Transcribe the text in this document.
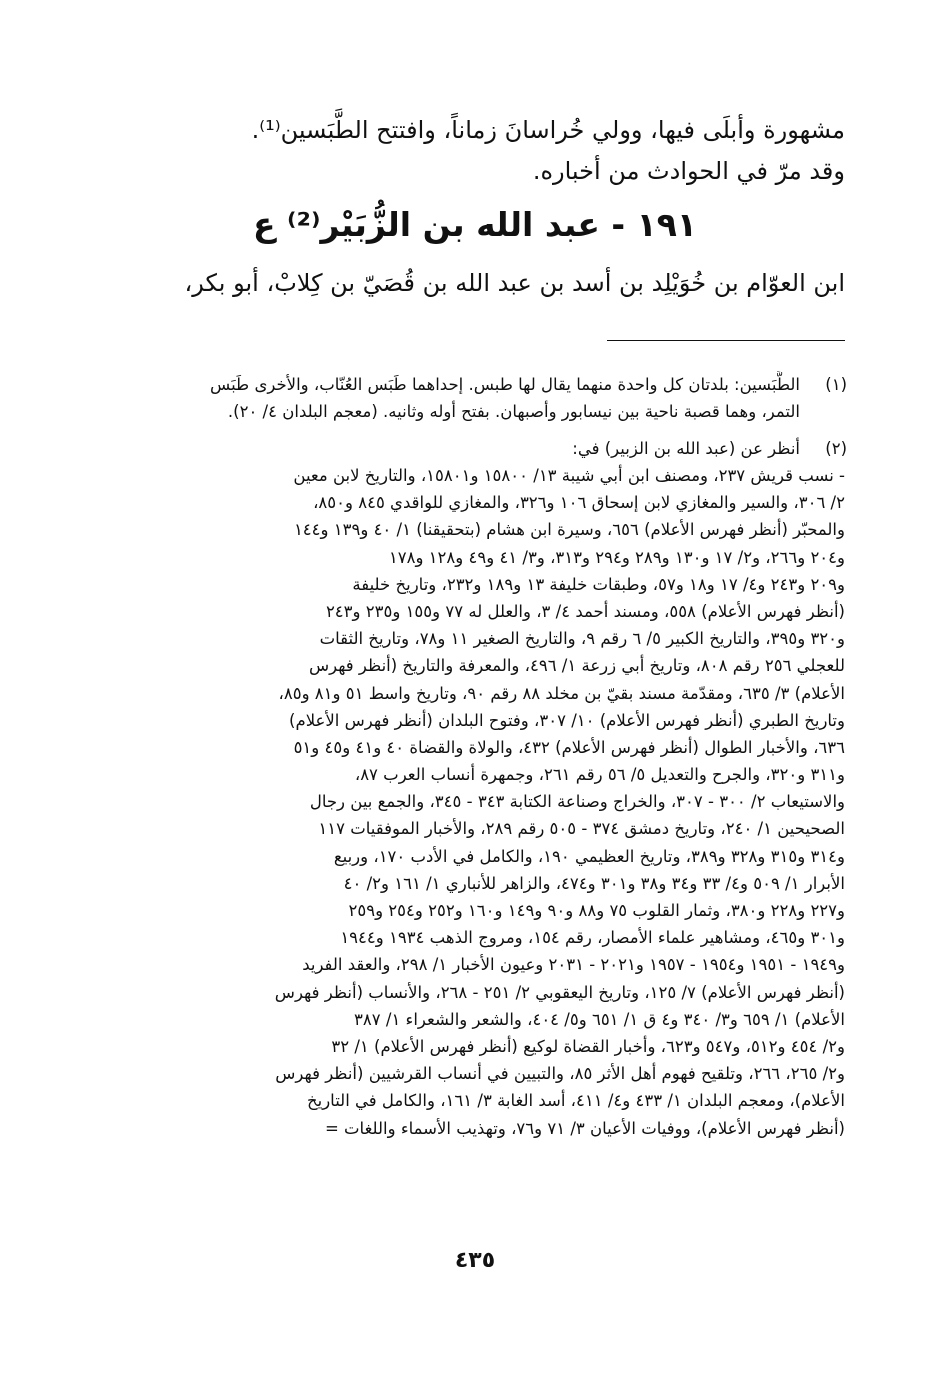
مشهورة وأبلَى فيها، وولي خُراسانَ زماناً، وافتتح الطَّبَسين⁽¹⁾.
وقد مرّ في الحوادث من أخباره.
١٩١ - عبد الله بن الزُّبَيْر⁽²⁾ ع
ابن العوّام بن خُوَيْلِد بن أسد بن عبد الله بن قُصَيّ بن كِلابْ، أبو بكر،
(١)
الطَّبَسين: بلدتان كل واحدة منهما يقال لها طبس. إحداهما طَبَس العُنّاب، والأخرى طَبَس
التمر، وهما قصبة ناحية بين نيسابور وأصبهان. بفتح أوله وثانيه. (معجم البلدان ٤/ ٢٠).
(٢)
أنظر عن (عبد الله بن الزبير) في:
- نسب قريش ٢٣٧، ومصنف ابن أبي شيبة ١٣/ ١٥٨٠٠ و١٥٨٠١، والتاريخ لابن معين
٢/ ٣٠٦، والسير والمغازي لابن إسحاق ١٠٦ و٣٢٦، والمغازي للواقدي ٨٤٥ و٨٥٠،
والمحبّر (أنظر فهرس الأعلام) ٦٥٦، وسيرة ابن هشام (بتحقيقنا) ١/ ٤٠ و١٣٩ و١٤٤
و٢٠٤ و٢٦٦، و٢/ ١٧ و١٣٠ و٢٨٩ و٢٩٤ و٣١٣، و٣/ ٤١ و٤٩ و١٢٨ و١٧٨
و٢٠٩ و٢٤٣ و٤/ ١٧ و١٨ و٥٧، وطبقات خليفة ١٣ و١٨٩ و٢٣٢، وتاريخ خليفة
(أنظر فهرس الأعلام) ٥٥٨، ومسند أحمد ٤/ ٣، والعلل له ٧٧ و١٥٥ و٢٣٥ و٢٤٣
و٣٢٠ و٣٩٥، والتاريخ الكبير ٥/ ٦ رقم ٩، والتاريخ الصغير ١١ و٧٨، وتاريخ الثقات
للعجلي ٢٥٦ رقم ٨٠٨، وتاريخ أبي زرعة ١/ ٤٩٦، والمعرفة والتاريخ (أنظر فهرس
الأعلام) ٣/ ٦٣٥، ومقدّمة مسند بقيّ بن مخلد ٨٨ رقم ٩٠، وتاريخ واسط ٥١ و٨١ و٨٥،
وتاريخ الطبري (أنظر فهرس الأعلام) ١٠/ ٣٠٧، وفتوح البلدان (أنظر فهرس الأعلام)
٦٣٦، والأخبار الطوال (أنظر فهرس الأعلام) ٤٣٢، والولاة والقضاة ٤٠ و٤١ و٤٥ و٥١
و٣١١ و٣٢٠، والجرح والتعديل ٥/ ٥٦ رقم ٢٦١، وجمهرة أنساب العرب ٨٧،
والاستيعاب ٢/ ٣٠٠ - ٣٠٧، والخراج وصناعة الكتابة ٣٤٣ - ٣٤٥، والجمع بين رجال
الصحيحين ١/ ٢٤٠، وتاريخ دمشق ٣٧٤ - ٥٠٥ رقم ٢٨٩، والأخبار الموفقيات ١١٧
و٣١٤ و٣١٥ و٣٢٨ و٣٨٩، وتاريخ العظيمي ١٩٠، والكامل في الأدب ١٧٠، وربيع
الأبرار ١/ ٥٠٩ و٤/ ٣٣ و٣٤ و٣٨ و٣٠١ و٤٧٤، والزاهر للأنباري ١/ ١٦١ و٢/ ٤٠
و٢٢٧ و٢٢٨ و٣٨٠، وثمار القلوب ٧٥ و٨٨ و٩٠ و١٤٩ و١٦٠ و٢٥٢ و٢٥٤ و٢٥٩
و٣٠١ و٤٦٥، ومشاهير علماء الأمصار، رقم ١٥٤، ومروج الذهب ١٩٣٤ و١٩٤٤
و١٩٤٩ - ١٩٥١ و١٩٥٤ - ١٩٥٧ و٢٠٢١ - ٢٠٣١ وعيون الأخبار ١/ ٢٩٨، والعقد الفريد
(أنظر فهرس الأعلام) ٧/ ١٢٥، وتاريخ اليعقوبي ٢/ ٢٥١ - ٢٦٨، والأنساب (أنظر فهرس
الأعلام) ١/ ٦٥٩ و٣/ ٣٤٠ و٤ ق ١/ ٦٥١ و٥/ ٤٠٤، والشعر والشعراء ١/ ٣٨٧
و٢/ ٤٥٤ و٥١٢، و٥٤٧ و٦٢٣، وأخبار القضاة لوكيع (أنظر فهرس الأعلام) ١/ ٣٢
و٢/ ٢٦٥، ٢٦٦، وتلقيح فهوم أهل الأثر ٨٥، والتبيين في أنساب القرشيين (أنظر فهرس
الأعلام)، ومعجم البلدان ١/ ٤٣٣ و٤/ ٤١١، أسد الغابة ٣/ ١٦١، والكامل في التاريخ
(أنظر فهرس الأعلام)، ووفيات الأعيان ٣/ ٧١ و٧٦، وتهذيب الأسماء واللغات =
٤٣٥
